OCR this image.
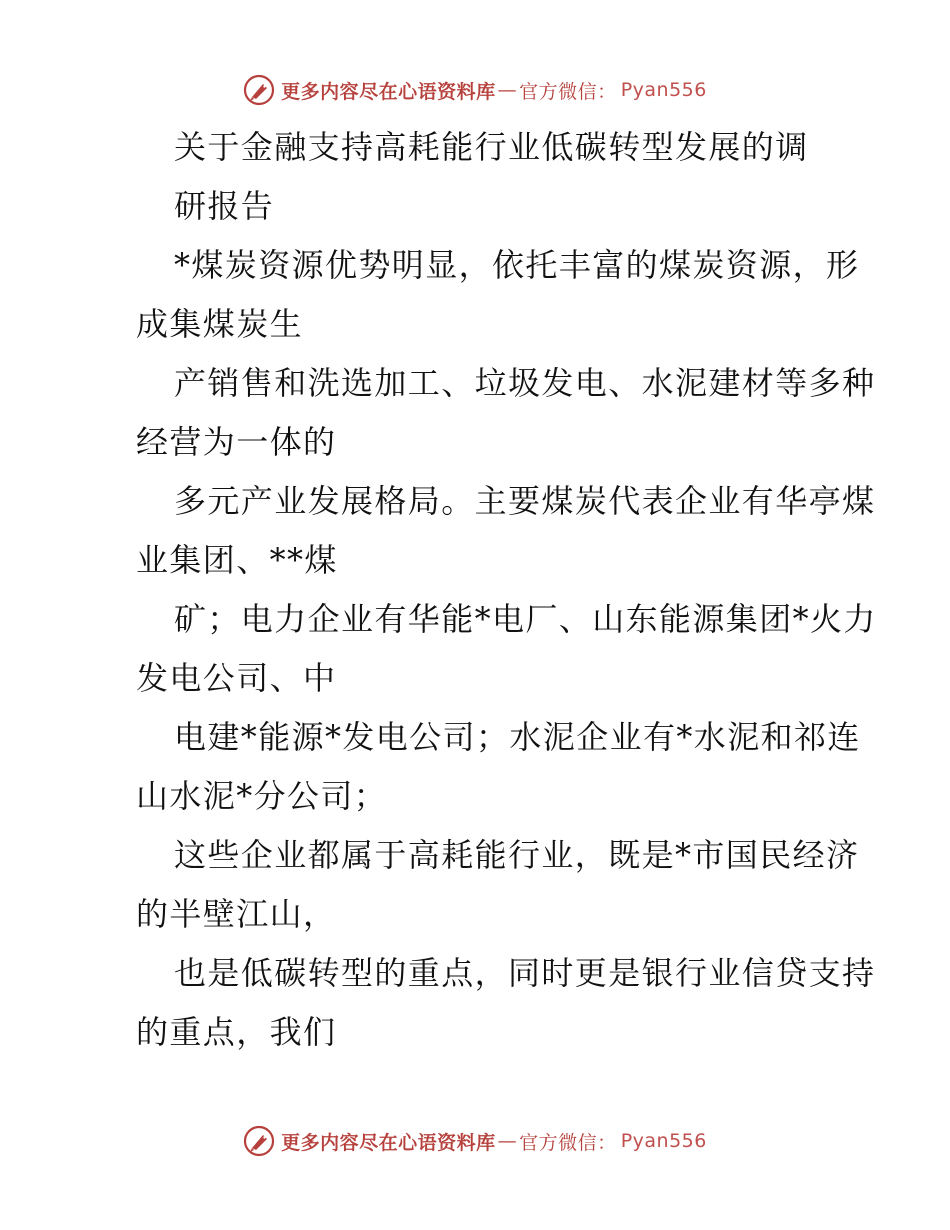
更多内容尽在心语资料库 — 官方微信： Pyan556
关于金融支持高耗能行业低碳转型发展的调
研报告
*煤炭资源优势明显，依托丰富的煤炭资源，形
成集煤炭生
产销售和洗选加工、垃圾发电、水泥建材等多种
经营为一体的
多元产业发展格局。主要煤炭代表企业有华亭煤
业集团、**煤
矿；电力企业有华能*电厂、山东能源集团*火力
发电公司、中
电建*能源*发电公司；水泥企业有*水泥和祁连
山水泥*分公司；
这些企业都属于高耗能行业，既是*市国民经济
的半壁江山，
也是低碳转型的重点，同时更是银行业信贷支持
的重点，我们
更多内容尽在心语资料库 — 官方微信： Pyan556
